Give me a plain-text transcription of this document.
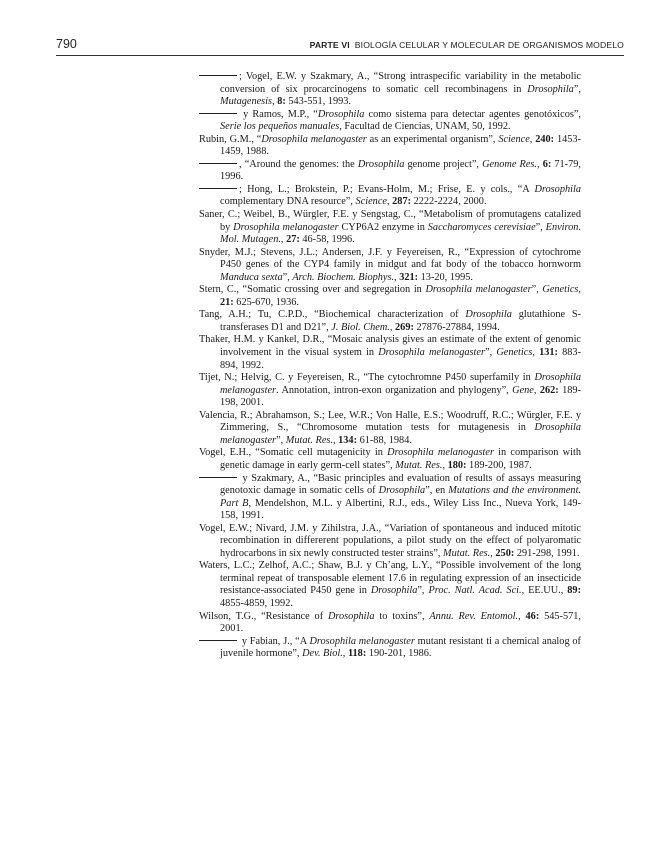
790	PARTE VI BIOLOGÍA CELULAR Y MOLECULAR DE ORGANISMOS MODELO

; Vogel, E.W. y Szakmary, A., “Strong intraspecific variability in the metabolic conversion of six procarcinogens to somatic cell recombinagens in Drosophila”, Mutagenesis, 8: 543-551, 1993.

y Ramos, M.P., “Drosophila como sistema para detectar agentes genotóxicos”, Serie los pequeños manuales, Facultad de Ciencias, UNAM, 50, 1992.

Rubin, G.M., “Drosophila melanogaster as an experimental organism”, Science, 240: 1453-1459, 1988.

, “Around the genomes: the Drosophila genome project”, Genome Res., 6: 71-79, 1996.

; Hong, L.; Brokstein, P.; Evans-Holm, M.; Frise, E. y cols., “A Drosophila complementary DNA resource”, Science, 287: 2222-2224, 2000.

Saner, C.; Weibel, B., Würgler, F.E. y Sengstag, C., “Metabolism of promutagens catalized by Drosophila melanogaster CYP6A2 enzyme in Saccharomyces cerevisiae”, Environ. Mol. Mutagen., 27: 46-58, 1996.

Snyder, M.J.; Stevens, J.L.; Andersen, J.F. y Feyereisen, R., “Expression of cytochrome P450 genes of the CYP4 family in midgut and fat body of the tobacco hornworm Manduca sexta”, Arch. Biochem. Biophys., 321: 13-20, 1995.

Stern, C., “Somatic crossing over and segregation in Drosophila melanogaster”, Genetics, 21: 625-670, 1936.

Tang, A.H.; Tu, C.P.D., “Biochemical characterization of Drosophila glutathione S-transferases D1 and D21”, J. Biol. Chem., 269: 27876-27884, 1994.

Thaker, H.M. y Kankel, D.R., “Mosaic analysis gives an estimate of the extent of genomic involvement in the visual system in Drosophila melanogaster”, Genetics, 131: 883-894, 1992.

Tijet, N.; Helvig, C. y Feyereisen, R., “The cytochromne P450 superfamily in Drosophila melanogaster. Annotation, intron-exon organization and phylogeny”, Gene, 262: 189-198, 2001.

Valencia, R.; Abrahamson, S.; Lee, W.R.; Von Halle, E.S.; Woodruff, R.C.; Würgler, F.E. y Zimmering, S., “Chromosome mutation tests for mutagenesis in Drosophila melanogaster”, Mutat. Res., 134: 61-88, 1984.

Vogel, E.H., “Somatic cell mutagenicity in Drosophila melanogaster in comparison with genetic damage in early germ-cell states”, Mutat. Res., 180: 189-200, 1987.

y Szakmary, A., “Basic principles and evaluation of results of assays measuring genotoxic damage in somatic cells of Drosophila”, en Mutations and the environment. Part B, Mendelshon, M.L. y Albertini, R.J., eds., Wiley Liss Inc., Nueva York, 149-158, 1991.

Vogel, E.W.; Nivard, J.M. y Zihilstra, J.A., “Variation of spontaneous and induced mitotic recombination in differerent populations, a pilot study on the effect of polyaromatic hydrocarbons in six newly constructed tester strains”, Mutat. Res., 250: 291-298, 1991.

Waters, L.C.; Zelhof, A.C.; Shaw, B.J. y Ch’ang, L.Y., “Possible involvement of the long terminal repeat of transposable element 17.6 in regulating expression of an insecticide resistance-associated P450 gene in Drosophila”, Proc. Natl. Acad. Sci., EE.UU., 89: 4855-4859, 1992.

Wilson, T.G., “Resistance of Drosophila to toxins”, Annu. Rev. Entomol., 46: 545-571, 2001.

y Fabian, J., “A Drosophila melanogaster mutant resistant ti a chemical analog of juvenile hormone”, Dev. Biol., 118: 190-201, 1986.
